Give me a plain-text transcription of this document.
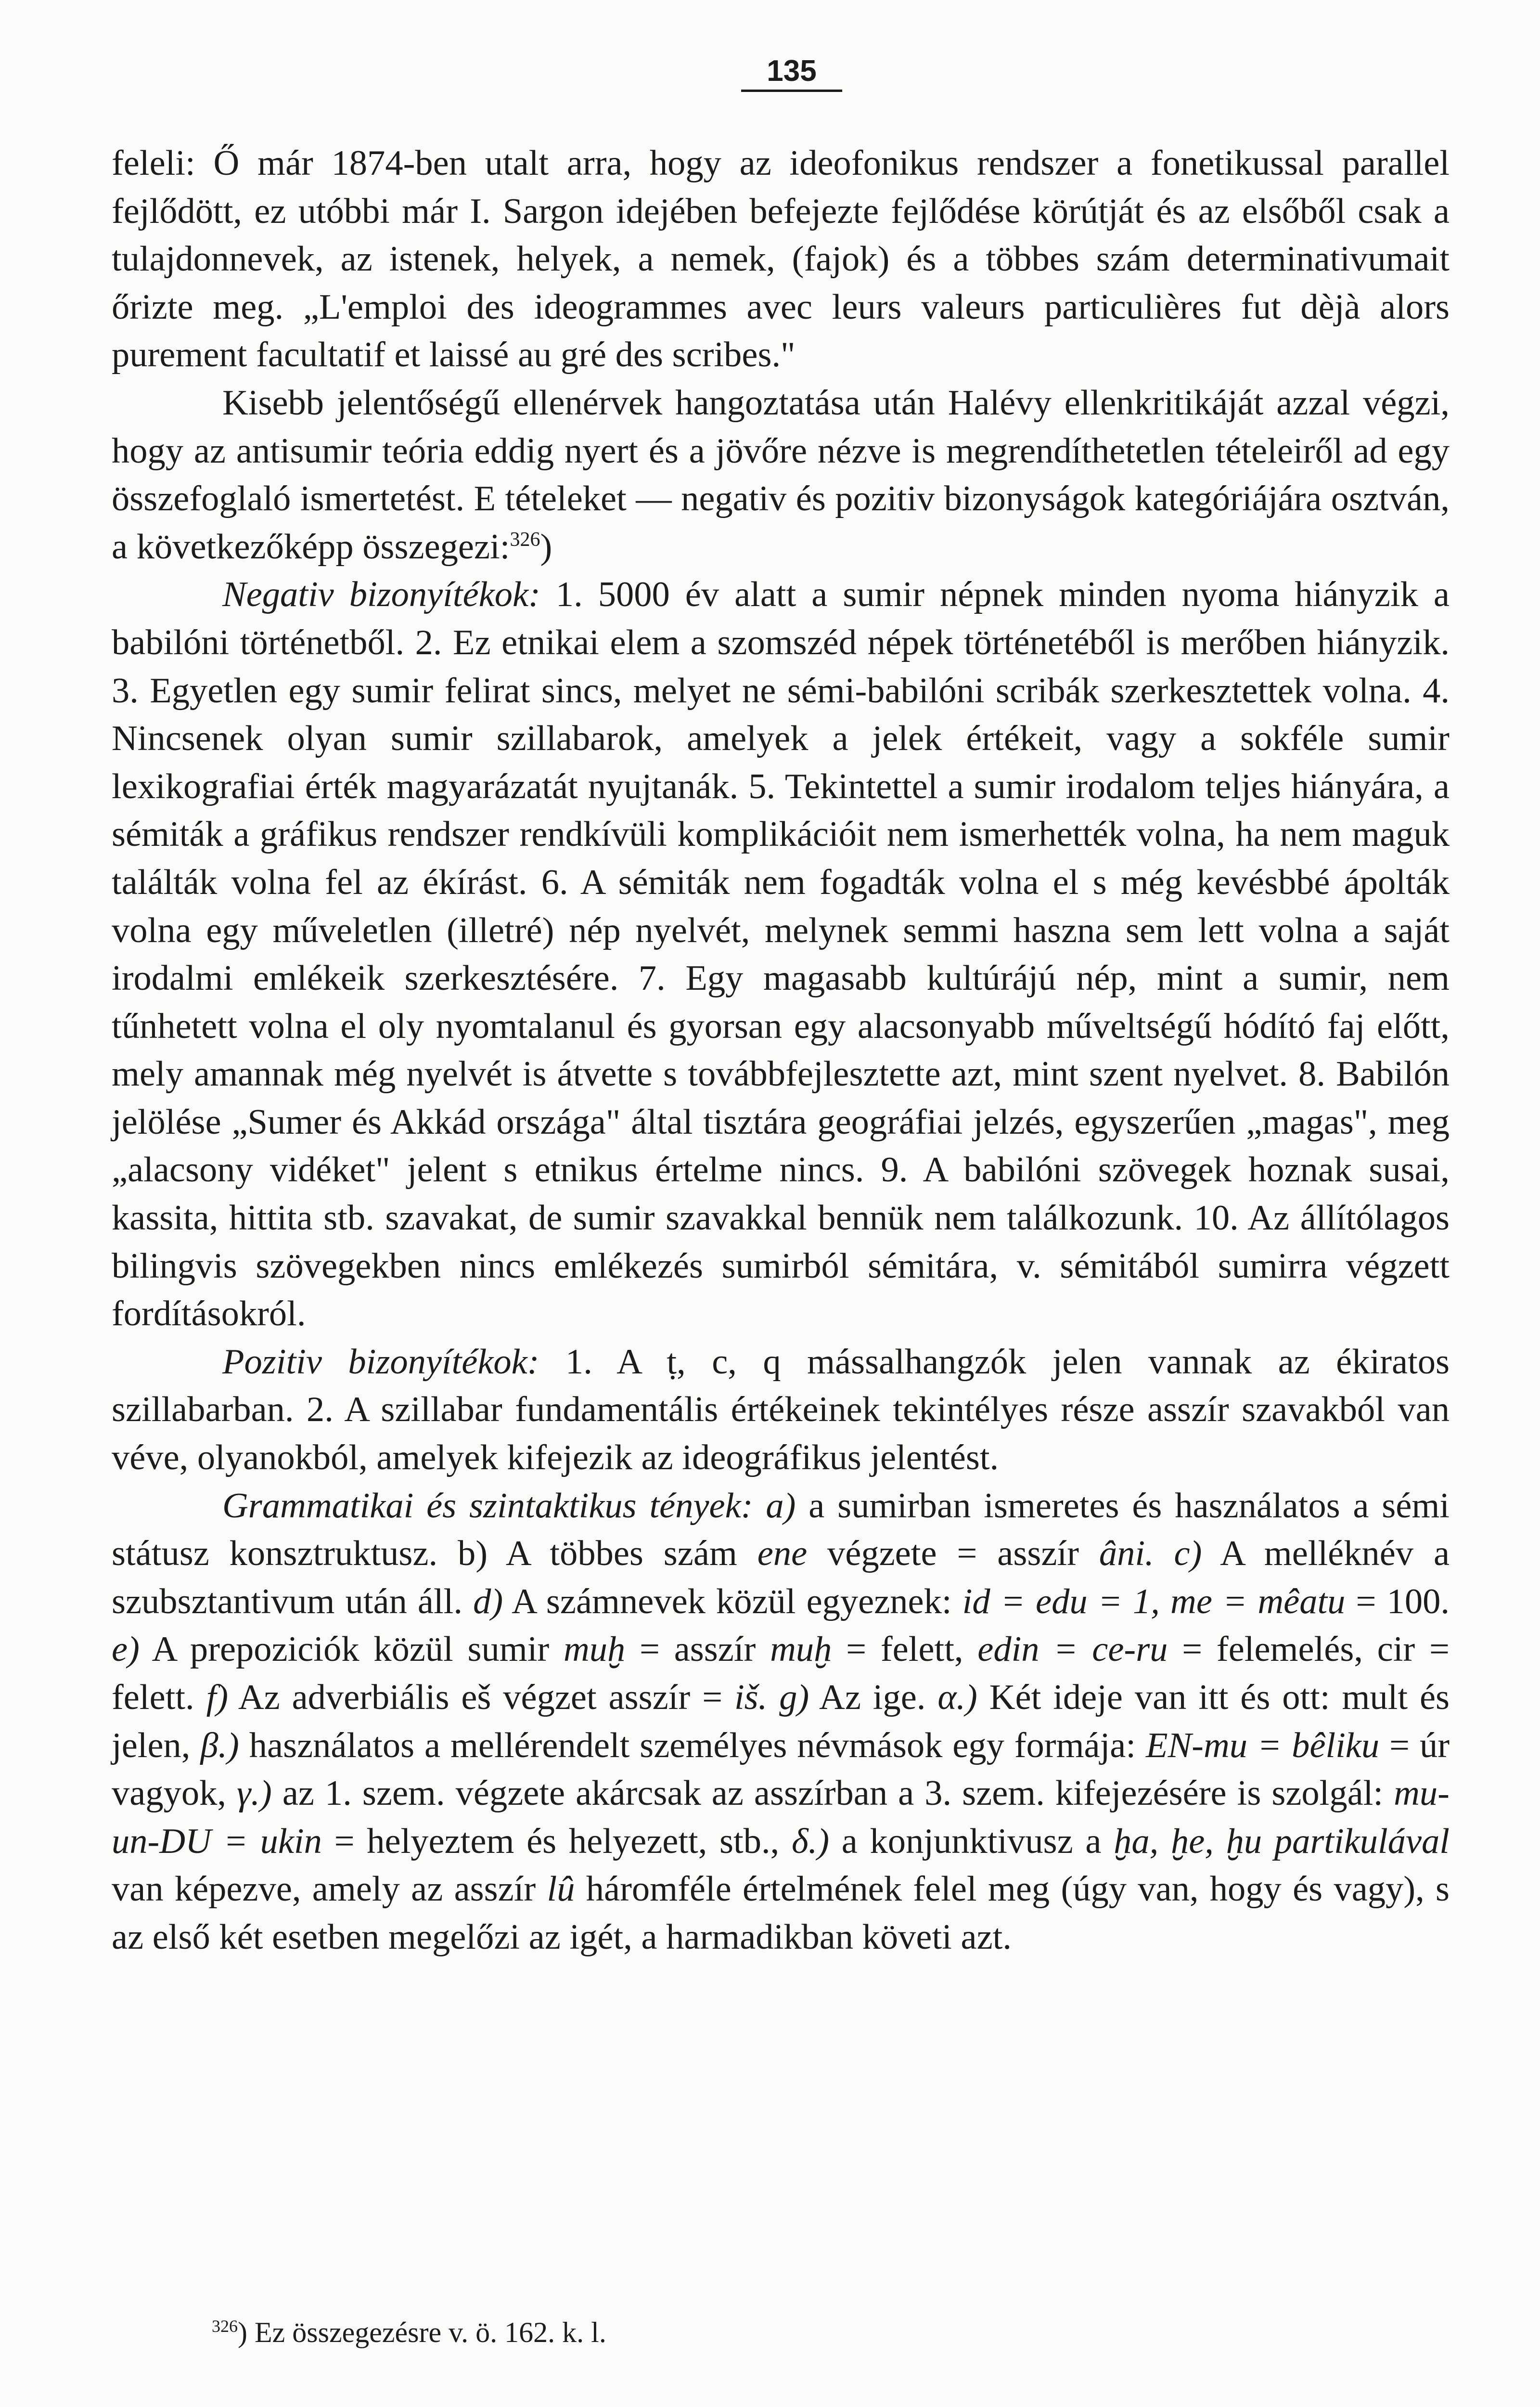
135

feleli: Ő már 1874-ben utalt arra, hogy az ideofonikus rendszer a fonetikussal parallel fejlődött, ez utóbbi már I. Sargon idejében befejezte fejlődése körútját és az elsőből csak a tulajdonnevek, az istenek, helyek, a nemek, (fajok) és a többes szám determinativumait őrizte meg. „L'emploi des ideogrammes avec leurs valeurs particulières fut dèjà alors purement facultatif et laissé au gré des scribes."

Kisebb jelentőségű ellenérvek hangoztatása után Halévy ellenkritikáját azzal végzi, hogy az antisumir teória eddig nyert és a jövőre nézve is megrendíthetetlen tételeiről ad egy összefoglaló ismertetést. E tételeket — negativ és pozitiv bizonyságok kategóriájára osztván, a következőképp összegezi:$^{326}$)

Negativ bizonyítékok: 1. 5000 év alatt a sumir népnek minden nyoma hiányzik a babilóni történetből. 2. Ez etnikai elem a szomszéd népek történetéből is merőben hiányzik. 3. Egyetlen egy sumir felirat sincs, melyet ne sémi-babilóni scribák szerkesztettek volna. 4. Nincsenek olyan sumir szillabarok, amelyek a jelek értékeit, vagy a sokféle sumir lexikografiai érték magyarázatát nyujtanák. 5. Tekintettel a sumir irodalom teljes hiányára, a sémiták a gráfikus rendszer rendkívüli komplikációit nem ismerhették volna, ha nem maguk találták volna fel az ékírást. 6. A sémiták nem fogadták volna el s még kevésbbé ápolták volna egy műveletlen (illetré) nép nyelvét, melynek semmi haszna sem lett volna a saját irodalmi emlékeik szerkesztésére. 7. Egy magasabb kultúrájú nép, mint a sumir, nem tűnhetett volna el oly nyomtalanul és gyorsan egy alacsonyabb műveltségű hódító faj előtt, mely amannak még nyelvét is átvette s továbbfejlesztette azt, mint szent nyelvet. 8. Babilón jelölése „Sumer és Akkád országa" által tisztára geográfiai jelzés, egyszerűen „magas", meg „alacsony vidéket" jelent s etnikus értelme nincs. 9. A babilóni szövegek hoznak susai, kassita, hittita stb. szavakat, de sumir szavakkal bennük nem találkozunk. 10. Az állítólagos bilingvis szövegekben nincs emlékezés sumirból sémitára, v. sémitából sumirra végzett fordításokról.

Pozitiv bizonyítékok: 1. A ṭ, c, q mássalhangzók jelen vannak az ékiratos szillabarban. 2. A szillabar fundamentális értékeinek tekintélyes része asszír szavakból van véve, olyanokból, amelyek kifejezik az ideográfikus jelentést.

Grammatikai és szintaktikus tények: a) a sumirban ismeretes és használatos a sémi státusz konsztruktusz. b) A többes szám ene végzete = asszír âni. c) A melléknév a szubsztantivum után áll. d) A számnevek közül egyeznek: id = edu = 1, me = mêatu = 100. e) A prepoziciók közül sumir muḫ = asszír muḫ = felett, edin = ce-ru = felemelés, cir = felett. f) Az adverbiális eš végzet asszír = iš. g) Az ige. α.) Két ideje van itt és ott: mult és jelen, β.) használatos a mellérendelt személyes névmások egy formája: EN-mu = bêliku = úr vagyok, γ.) az 1. szem. végzete akárcsak az asszírban a 3. szem. kifejezésére is szolgál: mu-un-DU = ukin = helyeztem és helyezett, stb., δ.) a konjunktivusz a ḫa, ḫe, ḫu partikulával van képezve, amely az asszír lû háromféle értelmének felel meg (úgy van, hogy és vagy), s az első két esetben megelőzi az igét, a harmadikban követi azt.

$^{326}$) Ez összegezésre v. ö. 162. k. l.
